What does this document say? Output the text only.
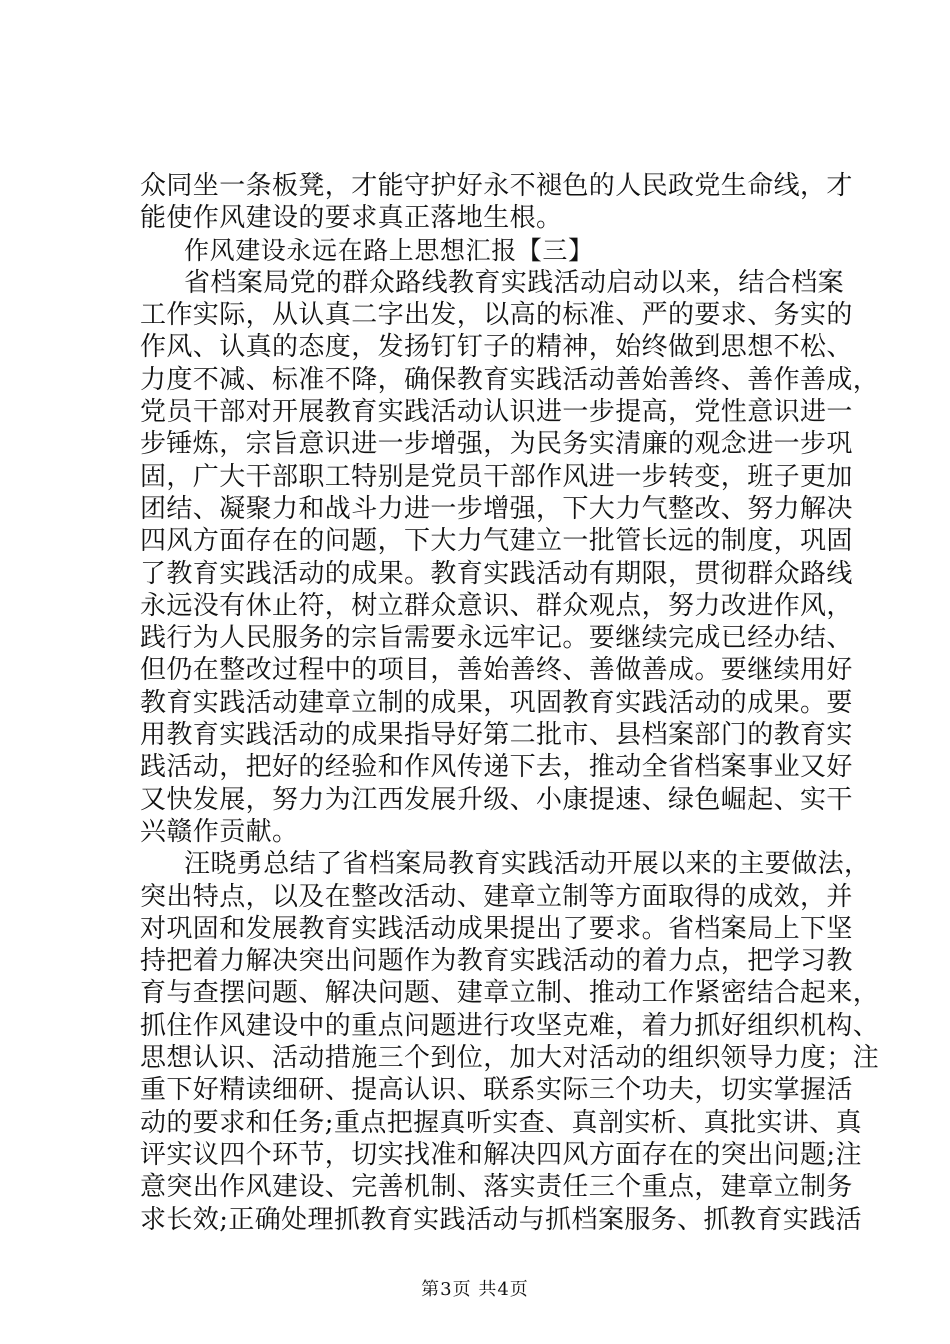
众同坐一条板凳，才能守护好永不褪色的人民政党生命线，才
能使作风建设的要求真正落地生根。
作风建设永远在路上思想汇报【三】
省档案局党的群众路线教育实践活动启动以来，结合档案
工作实际，从认真二字出发，以高的标准、严的要求、务实的
作风、认真的态度，发扬钉钉子的精神，始终做到思想不松、
力度不减、标准不降，确保教育实践活动善始善终、善作善成，
党员干部对开展教育实践活动认识进一步提高，党性意识进一
步锤炼，宗旨意识进一步增强，为民务实清廉的观念进一步巩
固，广大干部职工特别是党员干部作风进一步转变，班子更加
团结、凝聚力和战斗力进一步增强，下大力气整改、努力解决
四风方面存在的问题，下大力气建立一批管长远的制度，巩固
了教育实践活动的成果。教育实践活动有期限，贯彻群众路线
永远没有休止符，树立群众意识、群众观点，努力改进作风，
践行为人民服务的宗旨需要永远牢记。要继续完成已经办结、
但仍在整改过程中的项目，善始善终、善做善成。要继续用好
教育实践活动建章立制的成果，巩固教育实践活动的成果。要
用教育实践活动的成果指导好第二批市、县档案部门的教育实
践活动，把好的经验和作风传递下去，推动全省档案事业又好
又快发展，努力为江西发展升级、小康提速、绿色崛起、实干
兴赣作贡献。
汪晓勇总结了省档案局教育实践活动开展以来的主要做法，
突出特点，以及在整改活动、建章立制等方面取得的成效，并
对巩固和发展教育实践活动成果提出了要求。省档案局上下坚
持把着力解决突出问题作为教育实践活动的着力点，把学习教
育与查摆问题、解决问题、建章立制、推动工作紧密结合起来，
抓住作风建设中的重点问题进行攻坚克难，着力抓好组织机构、
思想认识、活动措施三个到位，加大对活动的组织领导力度；注
重下好精读细研、提高认识、联系实际三个功夫，切实掌握活
动的要求和任务;重点把握真听实查、真剖实析、真批实讲、真
评实议四个环节，切实找准和解决四风方面存在的突出问题;注
意突出作风建设、完善机制、落实责任三个重点，建章立制务
求长效;正确处理抓教育实践活动与抓档案服务、抓教育实践活
第3页 共4页
